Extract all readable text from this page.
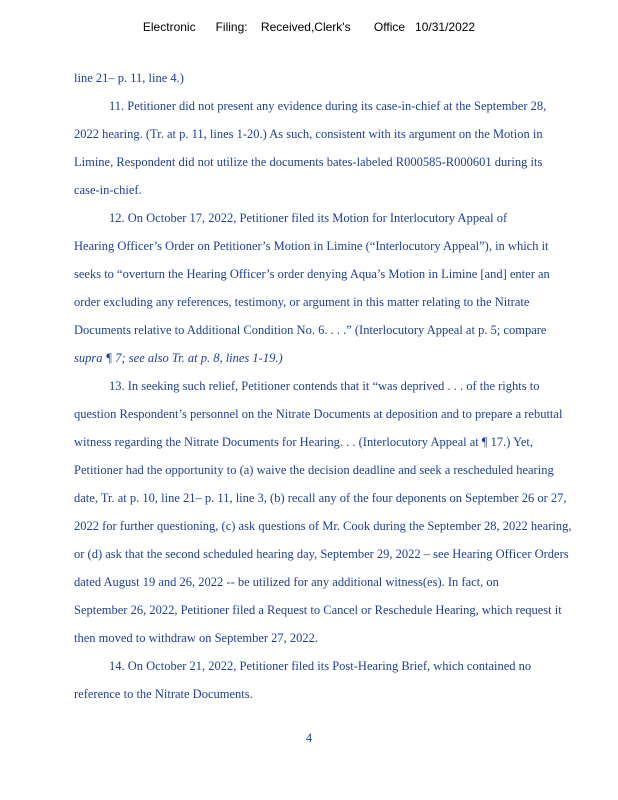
Electronic      Filing:    Received,Clerk's       Office   10/31/2022
line 21– p. 11, line 4.)
11. Petitioner did not present any evidence during its case-in-chief at the September 28,
2022 hearing. (Tr. at p. 11, lines 1-20.) As such, consistent with its argument on the Motion in
Limine, Respondent did not utilize the documents bates-labeled R000585-R000601 during its
case-in-chief.
12. On October 17, 2022, Petitioner filed its Motion for Interlocutory Appeal of
Hearing Officer’s Order on Petitioner’s Motion in Limine (“Interlocutory Appeal”), in which it
seeks to “overturn the Hearing Officer’s order denying Aqua’s Motion in Limine [and] enter an
order excluding any references, testimony, or argument in this matter relating to the Nitrate
Documents relative to Additional Condition No. 6. . . .” (Interlocutory Appeal at p. 5; compare
supra ¶ 7; see also Tr. at p. 8, lines 1-19.)
13. In seeking such relief, Petitioner contends that it “was deprived . . . of the rights to
question Respondent’s personnel on the Nitrate Documents at deposition and to prepare a rebuttal
witness regarding the Nitrate Documents for Hearing. . . (Interlocutory Appeal at ¶ 17.) Yet,
Petitioner had the opportunity to (a) waive the decision deadline and seek a rescheduled hearing
date, Tr. at p. 10, line 21– p. 11, line 3, (b) recall any of the four deponents on September 26 or 27,
2022 for further questioning, (c) ask questions of Mr. Cook during the September 28, 2022 hearing,
or (d) ask that the second scheduled hearing day, September 29, 2022 – see Hearing Officer Orders
dated August 19 and 26, 2022 -- be utilized for any additional witness(es). In fact, on
September 26, 2022, Petitioner filed a Request to Cancel or Reschedule Hearing, which request it
then moved to withdraw on September 27, 2022.
14. On October 21, 2022, Petitioner filed its Post-Hearing Brief, which contained no
reference to the Nitrate Documents.
4
